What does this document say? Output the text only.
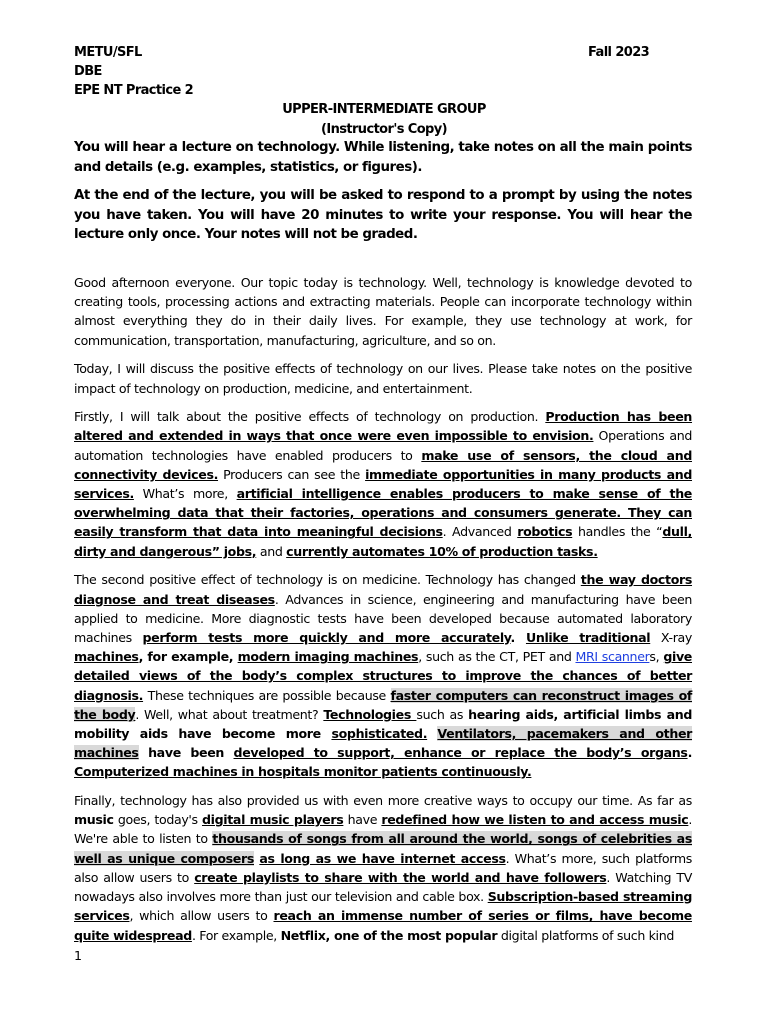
METU/SFL
DBE
EPE NT Practice 2
Fall 2023
UPPER-INTERMEDIATE GROUP
(Instructor's Copy)

You will hear a lecture on technology. While listening, take notes on all the main points and details (e.g. examples, statistics, or figures).

At the end of the lecture, you will be asked to respond to a prompt by using the notes you have taken. You will have 20 minutes to write your response. You will hear the lecture only once. Your notes will not be graded.

Good afternoon everyone. Our topic today is technology. Well, technology is knowledge devoted to creating tools, processing actions and extracting materials. People can incorporate technology within almost everything they do in their daily lives. For example, they use technology at work, for communication, transportation, manufacturing, agriculture, and so on.

Today, I will discuss the positive effects of technology on our lives. Please take notes on the positive impact of technology on production, medicine, and entertainment.

Firstly, I will talk about the positive effects of technology on production. Production has been altered and extended in ways that once were even impossible to envision. Operations and automation technologies have enabled producers to make use of sensors, the cloud and connectivity devices. Producers can see the immediate opportunities in many products and services. What’s more, artificial intelligence enables producers to make sense of the overwhelming data that their factories, operations and consumers generate. They can easily transform that data into meaningful decisions. Advanced robotics handles the “dull, dirty and dangerous” jobs, and currently automates 10% of production tasks.

The second positive effect of technology is on medicine. Technology has changed the way doctors diagnose and treat diseases. Advances in science, engineering and manufacturing have been applied to medicine. More diagnostic tests have been developed because automated laboratory machines perform tests more quickly and more accurately. Unlike traditional X-ray machines, for example, modern imaging machines, such as the CT, PET and MRI scanners, give detailed views of the body’s complex structures to improve the chances of better diagnosis. These techniques are possible because faster computers can reconstruct images of the body. Well, what about treatment? Technologies such as hearing aids, artificial limbs and mobility aids have become more sophisticated. Ventilators, pacemakers and other machines have been developed to support, enhance or replace the body’s organs. Computerized machines in hospitals monitor patients continuously.

Finally, technology has also provided us with even more creative ways to occupy our time. As far as music goes, today's digital music players have redefined how we listen to and access music. We're able to listen to thousands of songs from all around the world, songs of celebrities as well as unique composers as long as we have internet access. What’s more, such platforms also allow users to create playlists to share with the world and have followers. Watching TV nowadays also involves more than just our television and cable box. Subscription-based streaming services, which allow users to reach an immense number of series or films, have become quite widespread. For example, Netflix, one of the most popular digital platforms of such kind

1
